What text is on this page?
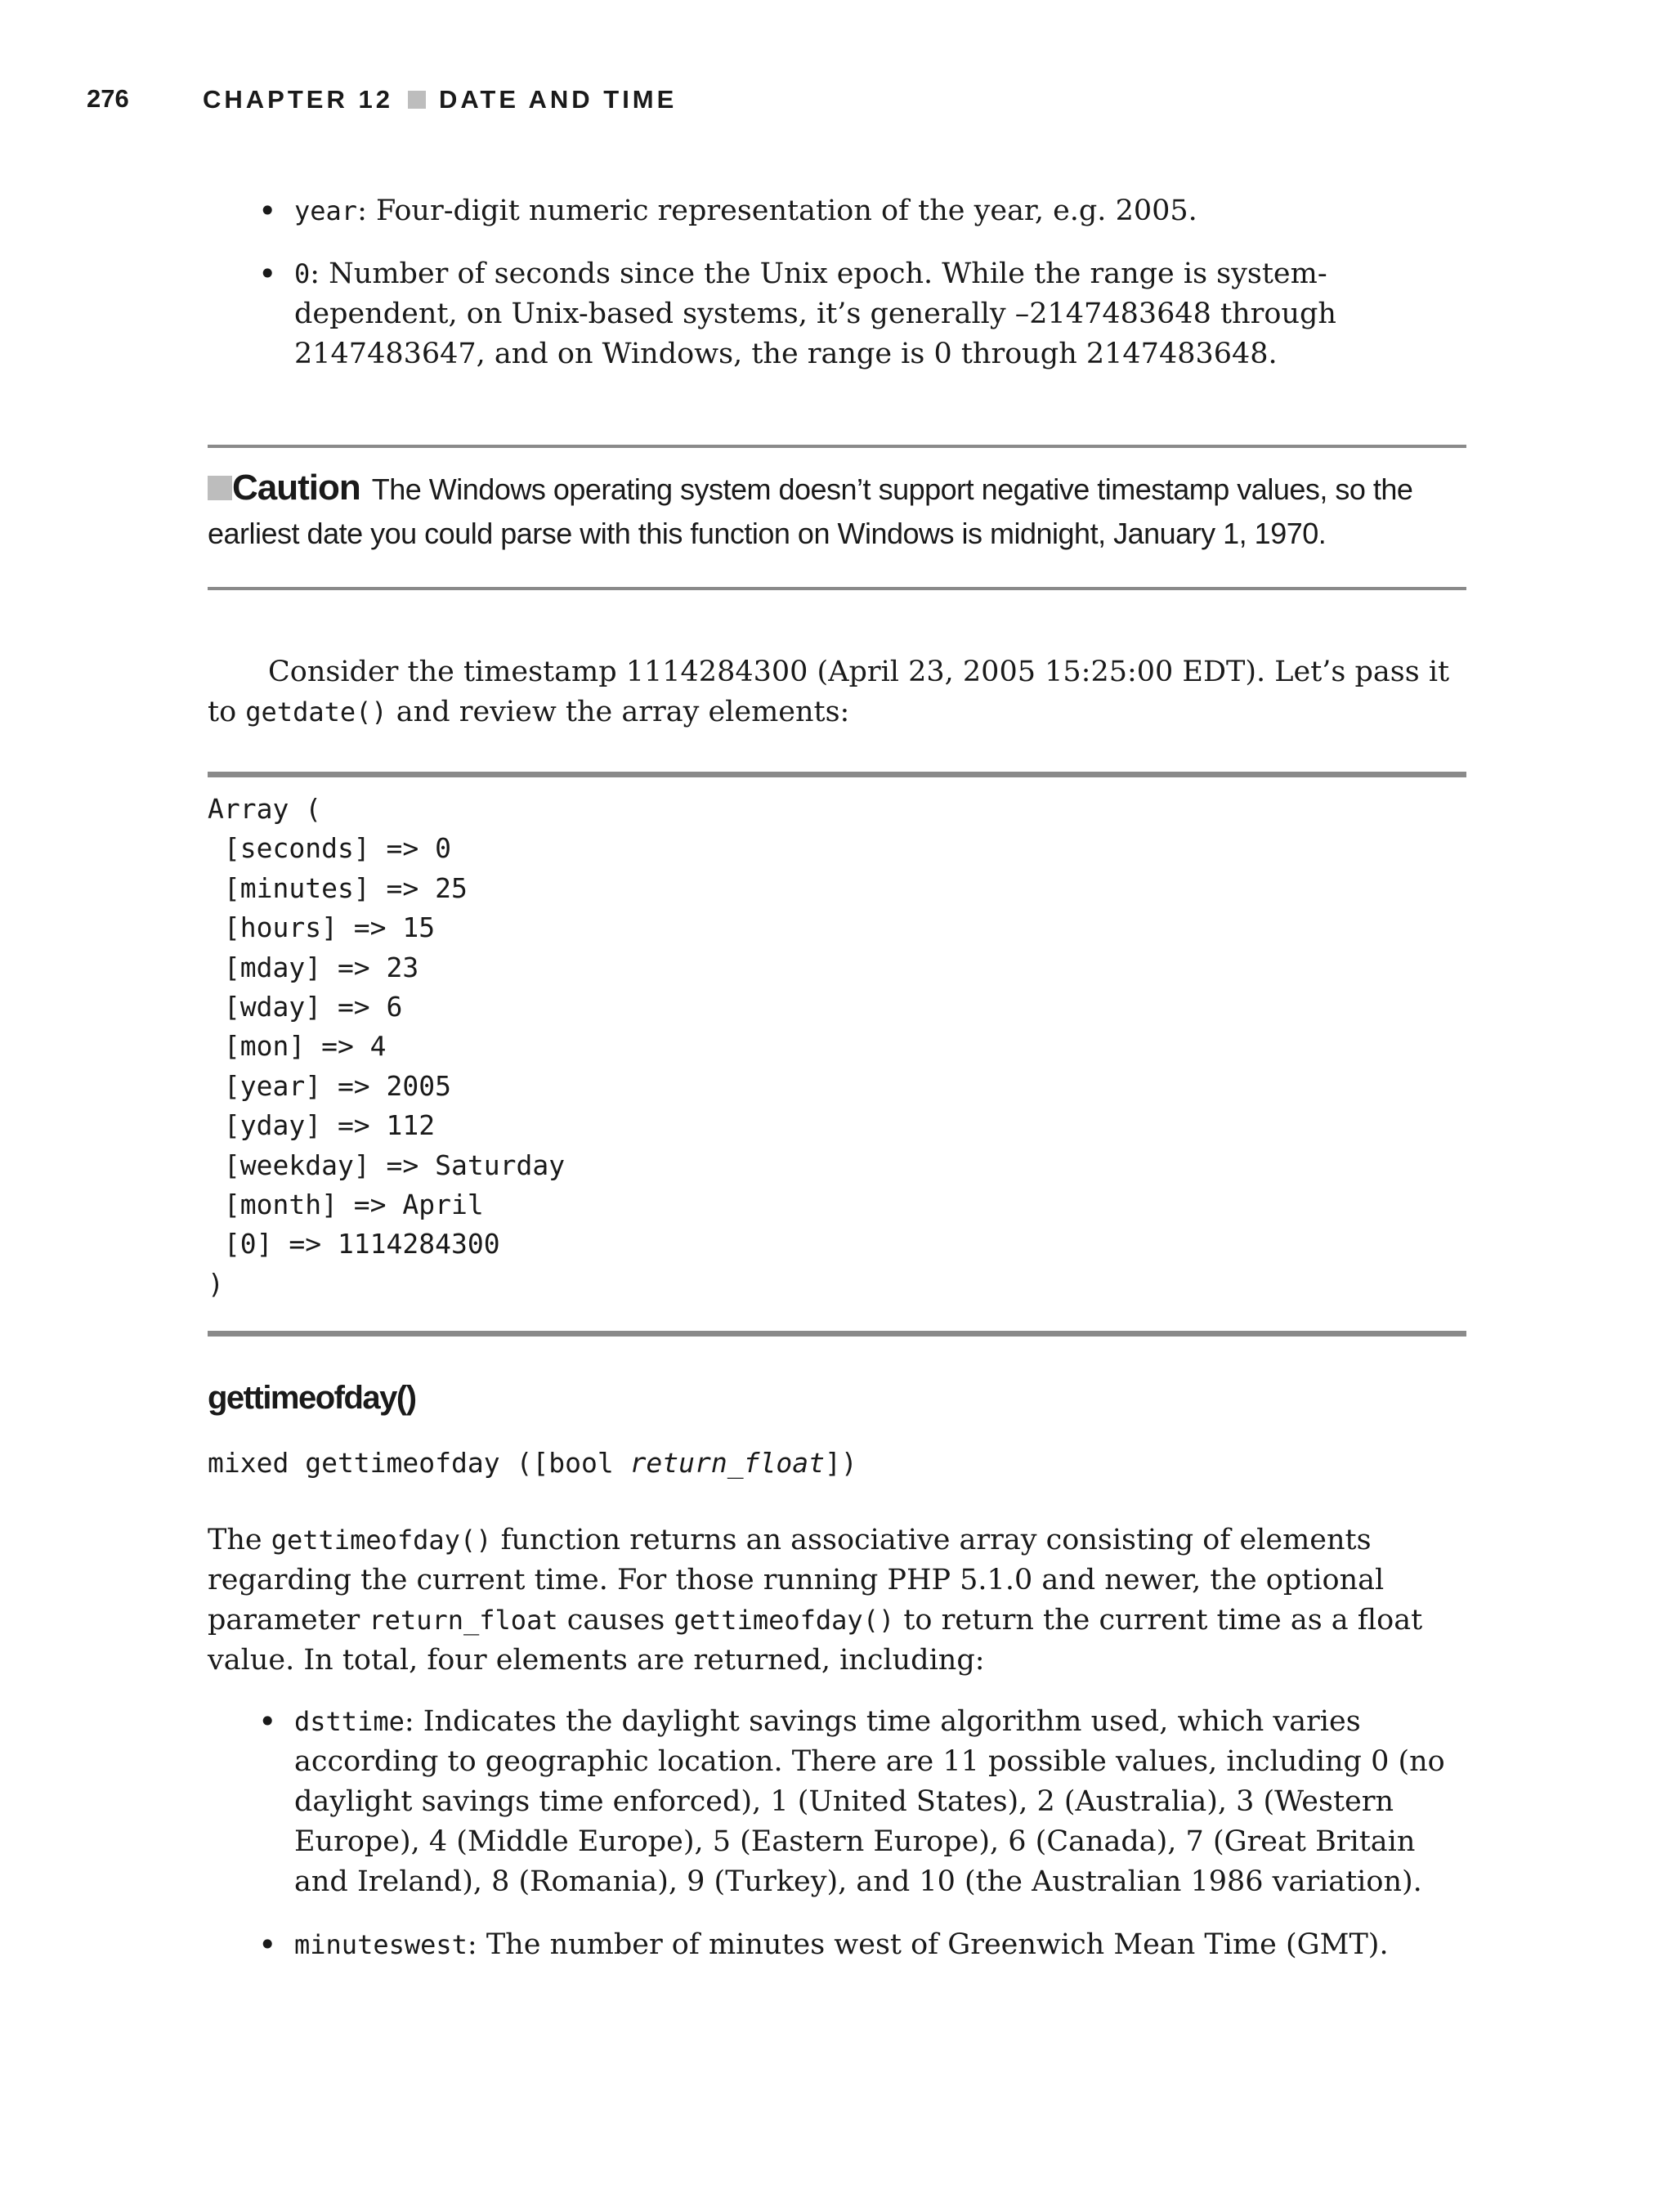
276	CHAPTER 12 DATE AND TIME
• year: Four-digit numeric representation of the year, e.g. 2005.
• 0: Number of seconds since the Unix epoch. While the range is system-dependent, on Unix-based systems, it’s generally –2147483648 through 2147483647, and on Windows, the range is 0 through 2147483648.
Caution The Windows operating system doesn’t support negative timestamp values, so the earliest date you could parse with this function on Windows is midnight, January 1, 1970.
Consider the timestamp 1114284300 (April 23, 2005 15:25:00 EDT). Let’s pass it to getdate() and review the array elements:
Array (
[seconds] => 0
[minutes] => 25
[hours] => 15
[mday] => 23
[wday] => 6
[mon] => 4
[year] => 2005
[yday] => 112
[weekday] => Saturday
[month] => April
[0] => 1114284300
)
gettimeofday()
mixed gettimeofday ([bool return_float])
The gettimeofday() function returns an associative array consisting of elements regarding the current time. For those running PHP 5.1.0 and newer, the optional parameter return_float causes gettimeofday() to return the current time as a float value. In total, four elements are returned, including:
• dsttime: Indicates the daylight savings time algorithm used, which varies according to geographic location. There are 11 possible values, including 0 (no daylight savings time enforced), 1 (United States), 2 (Australia), 3 (Western Europe), 4 (Middle Europe), 5 (Eastern Europe), 6 (Canada), 7 (Great Britain and Ireland), 8 (Romania), 9 (Turkey), and 10 (the Australian 1986 variation).
• minuteswest: The number of minutes west of Greenwich Mean Time (GMT).
